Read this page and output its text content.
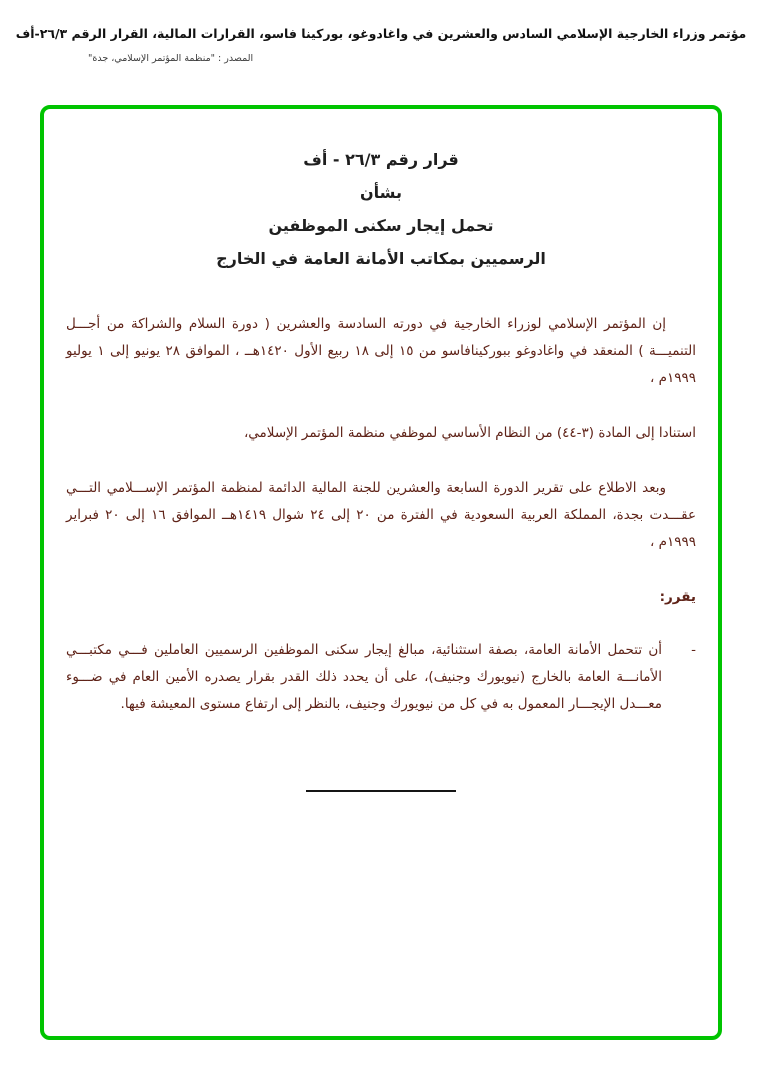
مؤتمر وزراء الخارجية الإسلامي السادس والعشرين في واغادوغو، بوركينا فاسو، القرارات المالية، القرار الرقم ٢٦/٣-أف
المصدر : "منظمة المؤتمر الإسلامي، جدة"
قرار رقم ٢٦/٣ - أف
بشأن
تحمل إيجار سكنى الموظفين
الرسميين بمكاتب الأمانة العامة في الخارج

إن المؤتمر الإسلامي لوزراء الخارجية في دورته السادسة والعشرين ( دورة السلام والشراكة من أجـــل التنميـــة ) المنعقد في واغادوغو ببوركينافاسو من ١٥ إلى ١٨ ربيع الأول ١٤٢٠هــ ، الموافق ٢٨ يونيو إلى ١ يوليو ١٩٩٩م ،

استنادا إلى المادة (٣-٤٤) من النظام الأساسي لموظفي منظمة المؤتمر الإسلامي،

وبعد الاطلاع على تقرير الدورة السابعة والعشرين للجنة المالية الدائمة لمنظمة المؤتمر الإســـلامي التـــي عقـــدت بجدة، المملكة العربية السعودية في الفترة من ٢٠ إلى ٢٤ شوال ١٤١٩هــ الموافق ١٦ إلى ٢٠ فبراير ١٩٩٩م ،

يقرر:

-

أن تتحمل الأمانة العامة، بصفة استثنائية، مبالغ إيجار سكنى الموظفين الرسميين العاملين فـــي مكتبـــي الأمانـــة العامة بالخارج (نيويورك وجنيف)، على أن يحدد ذلك القدر بقرار يصدره الأمين العام في ضـــوء معـــدل الإيجـــار المعمول به في كل من نيويورك وجنيف، بالنظر إلى ارتفاع مستوى المعيشة فيها.
